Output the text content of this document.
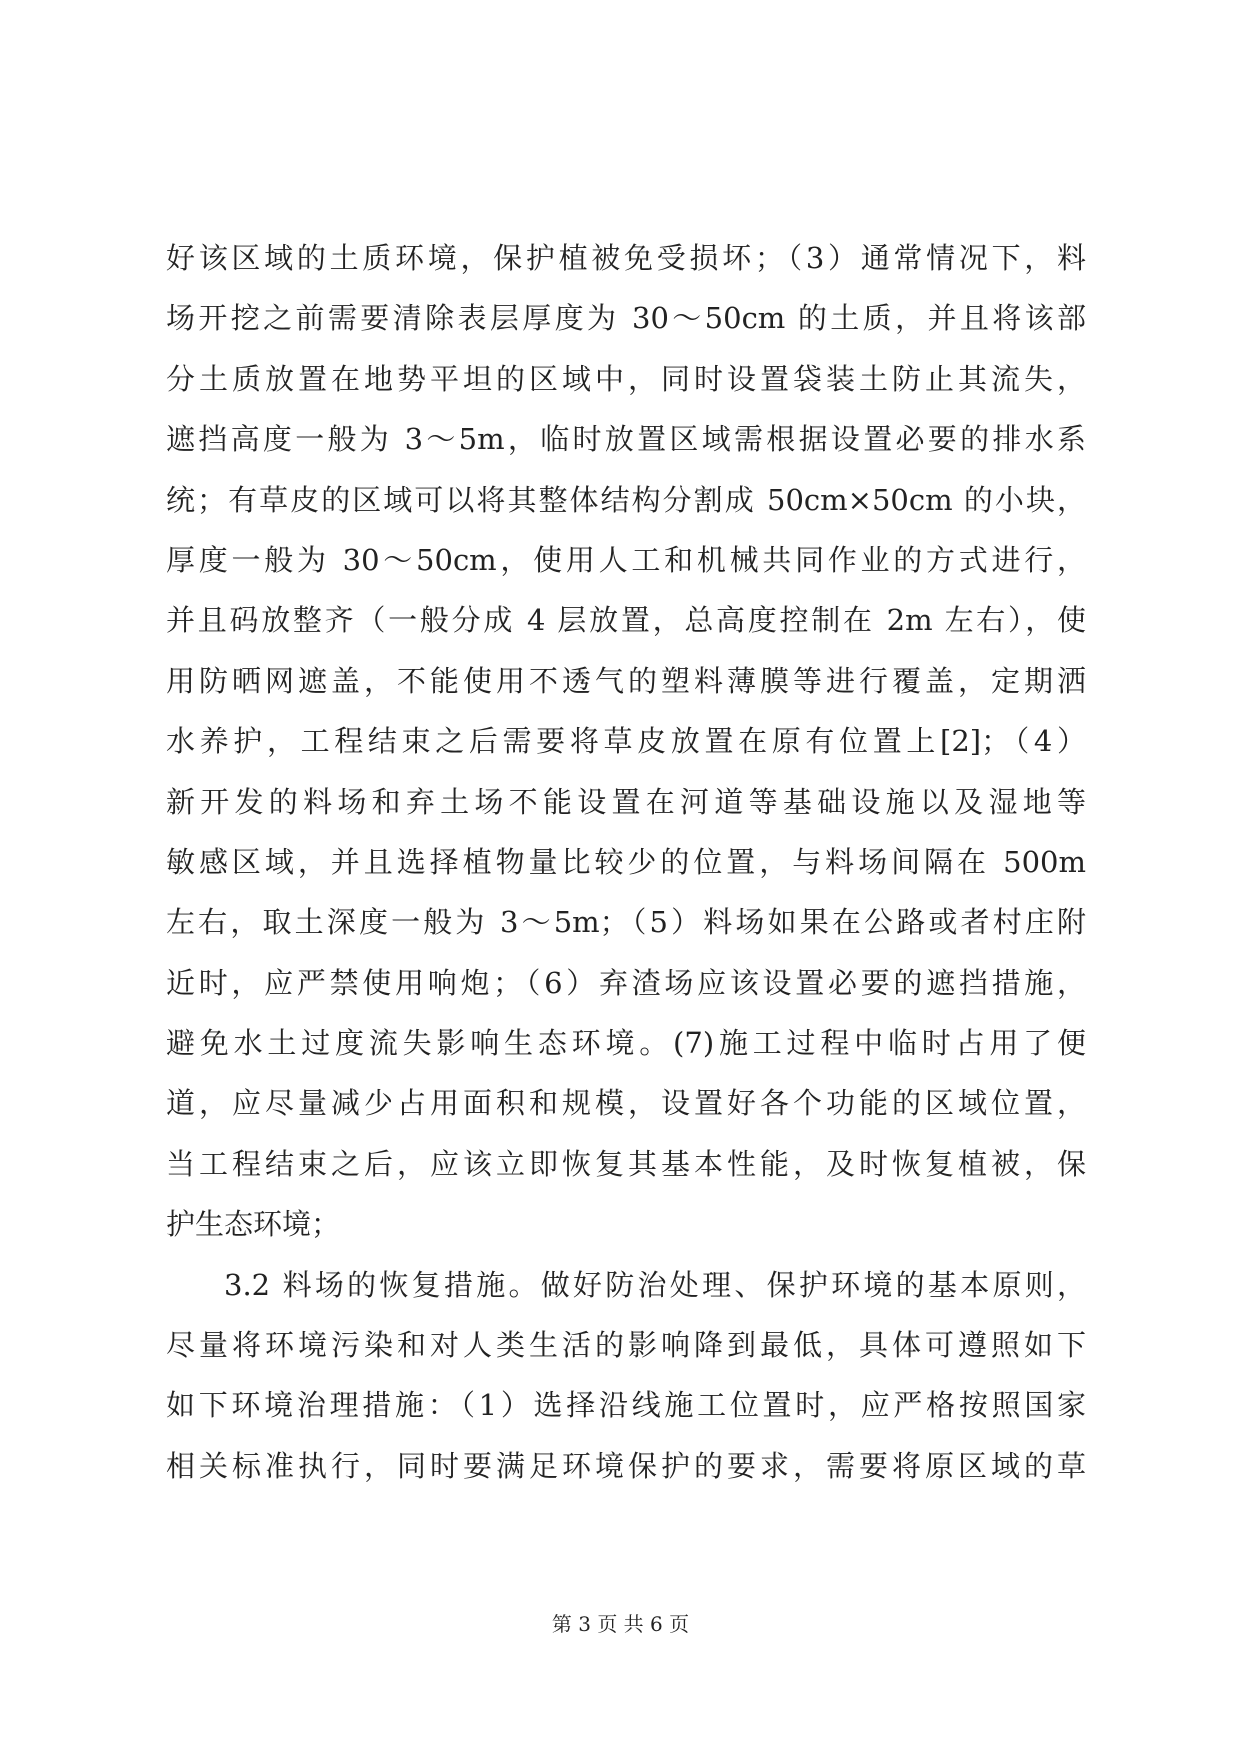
好该区域的土质环境，保护植被免受损坏；（3）通常情况下，料
场开挖之前需要清除表层厚度为 30～50cm 的土质，并且将该部
分土质放置在地势平坦的区域中，同时设置袋装土防止其流失，
遮挡高度一般为 3～5m，临时放置区域需根据设置必要的排水系
统；有草皮的区域可以将其整体结构分割成 50cm×50cm 的小块，
厚度一般为 30～50cm，使用人工和机械共同作业的方式进行，
并且码放整齐（一般分成 4 层放置，总高度控制在 2m 左右），使
用防晒网遮盖，不能使用不透气的塑料薄膜等进行覆盖，定期洒
水养护，工程结束之后需要将草皮放置在原有位置上[2]；（4）
新开发的料场和弃土场不能设置在河道等基础设施以及湿地等
敏感区域，并且选择植物量比较少的位置，与料场间隔在 500m
左右，取土深度一般为 3～5m；（5）料场如果在公路或者村庄附
近时，应严禁使用响炮；（6）弃渣场应该设置必要的遮挡措施，
避免水土过度流失影响生态环境。(7)施工过程中临时占用了便
道，应尽量减少占用面积和规模，设置好各个功能的区域位置，
当工程结束之后，应该立即恢复其基本性能，及时恢复植被，保
护生态环境；
3.2 料场的恢复措施。做好防治处理、保护环境的基本原则，
尽量将环境污染和对人类生活的影响降到最低，具体可遵照如下
如下环境治理措施：（1）选择沿线施工位置时，应严格按照国家
相关标准执行，同时要满足环境保护的要求，需要将原区域的草
第 3 页 共 6 页
